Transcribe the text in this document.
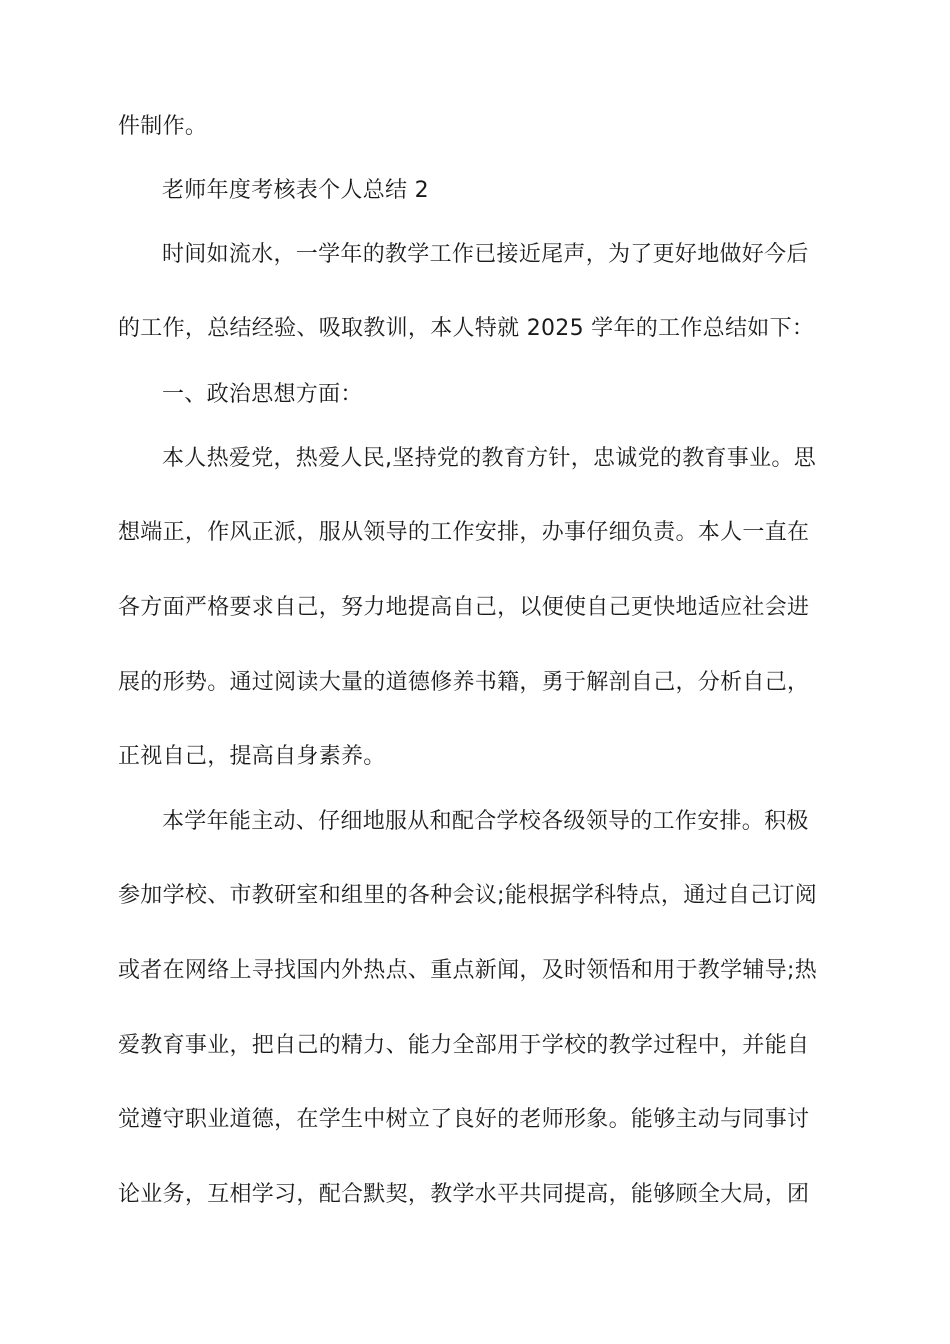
件制作。
老师年度考核表个人总结 2
时间如流水，一学年的教学工作已接近尾声，为了更好地做好今后
的工作，总结经验、吸取教训，本人特就 2025 学年的工作总结如下：
一、政治思想方面：
本人热爱党，热爱人民,坚持党的教育方针，忠诚党的教育事业。思
想端正，作风正派，服从领导的工作安排，办事仔细负责。本人一直在
各方面严格要求自己，努力地提高自己，以便使自己更快地适应社会进
展的形势。通过阅读大量的道德修养书籍，勇于解剖自己，分析自己，
正视自己，提高自身素养。
本学年能主动、仔细地服从和配合学校各级领导的工作安排。积极
参加学校、市教研室和组里的各种会议;能根据学科特点，通过自己订阅
或者在网络上寻找国内外热点、重点新闻，及时领悟和用于教学辅导;热
爱教育事业，把自己的精力、能力全部用于学校的教学过程中，并能自
觉遵守职业道德，在学生中树立了良好的老师形象。能够主动与同事讨
论业务，互相学习，配合默契，教学水平共同提高，能够顾全大局，团
